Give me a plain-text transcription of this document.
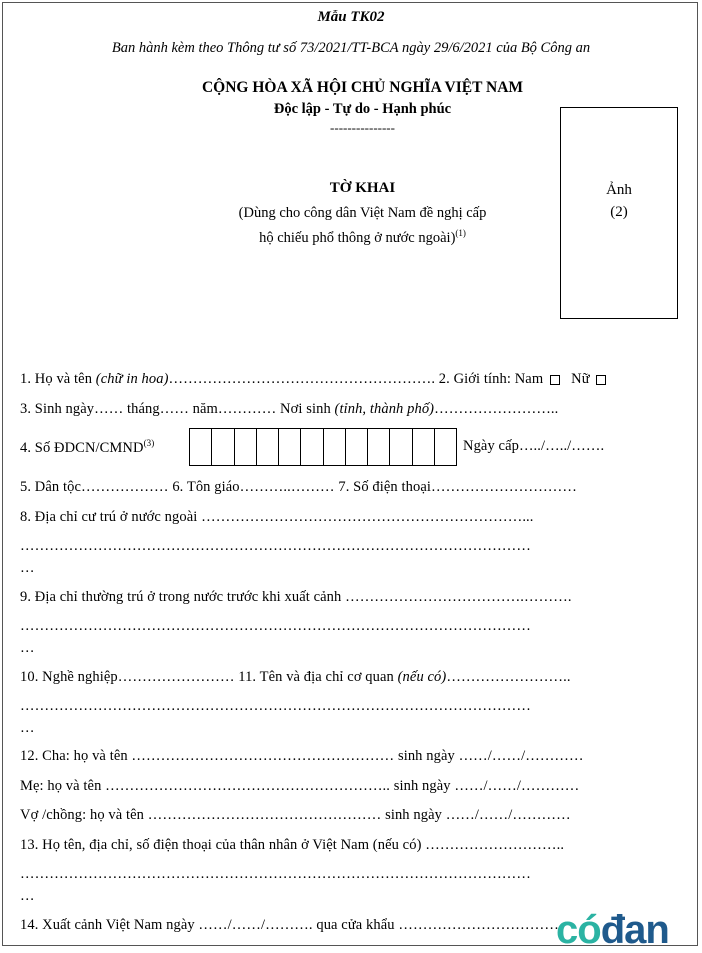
Mẫu TK02
Ban hành kèm theo Thông tư số 73/2021/TT-BCA ngày 29/6/2021 của Bộ Công an
CỘNG HÒA XÃ HỘI CHỦ NGHĨA VIỆT NAM
Độc lập - Tự do - Hạnh phúc
---------------
TỜ KHAI
(Dùng cho công dân Việt Nam đề nghị cấp
hộ chiếu phổ thông ở nước ngoài)$^{(1)}$
Ảnh
(2)
1. Họ và tên (chữ in hoa)………………………………………………. 2. Giới tính: Nam Nữ
3. Sinh ngày…… tháng…… năm………… Nơi sinh (tỉnh, thành phố)……………………..
4. Số ĐDCN/CMND$^{(3)}$	Ngày cấp…../…../…….
5. Dân tộc……………… 6. Tôn giáo………..……… 7. Số điện thoại…………………………
8. Địa chỉ cư trú ở nước ngoài …………………………………………………………...
……………………………………………………………………………………………
…
9. Địa chỉ thường trú ở trong nước trước khi xuất cảnh ……………………………….……….
……………………………………………………………………………………………
…
10. Nghề nghiệp…………………… 11. Tên và địa chỉ cơ quan (nếu có)……………………..
……………………………………………………………………………………………
…
12. Cha: họ và tên ……………………………………………… sinh ngày ……/……/…………
Mẹ: họ và tên ………………………………………………….. sinh ngày ……/……/…………
Vợ /chồng: họ và tên ………………………………………… sinh ngày ……/……/…………
13. Họ tên, địa chỉ, số điện thoại của thân nhân ở Việt Nam (nếu có) ………………………..
……………………………………………………………………………………………
…
14. Xuất cảnh Việt Nam ngày ……/……/………. qua cửa khẩu ……………………………
cóđan
